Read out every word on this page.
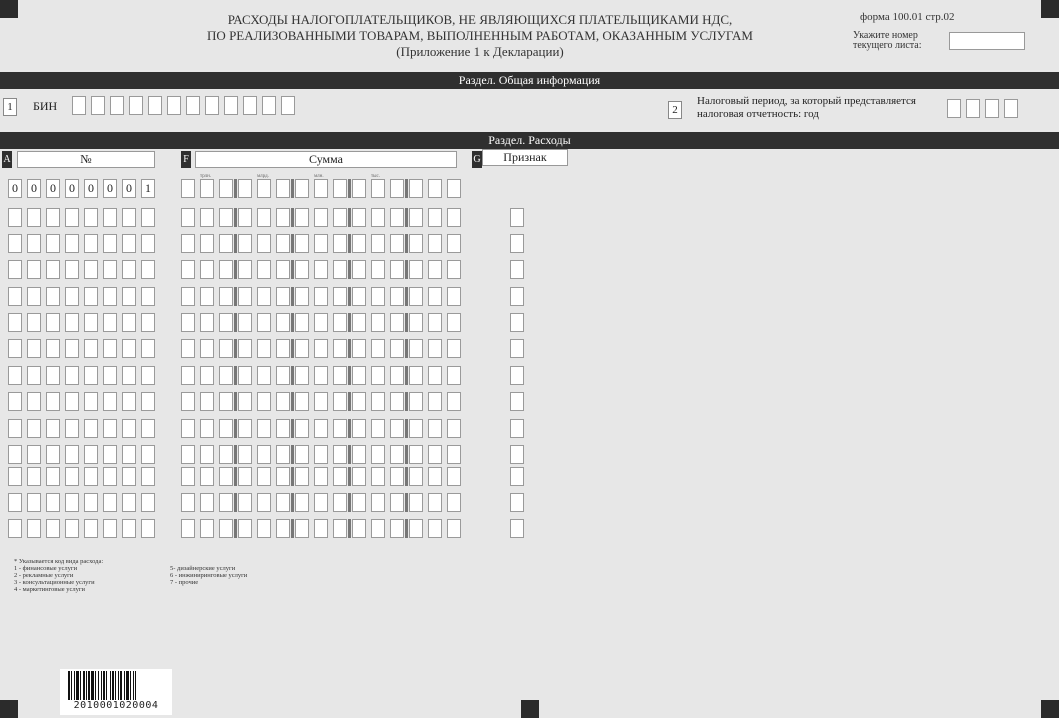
РАСХОДЫ НАЛОГОПЛАТЕЛЬЩИКОВ, НЕ ЯВЛЯЮЩИХСЯ ПЛАТЕЛЬЩИКАМИ НДС,
ПО РЕАЛИЗОВАННЫМИ ТОВАРАМ, ВЫПОЛНЕННЫМ РАБОТАМ, ОКАЗАННЫМ УСЛУГАМ
(Приложение 1 к Декларации)
форма 100.01 стр.02
Укажите номер
текущего листа:
Раздел. Общая информация
1	БИН	2
Налоговый период, за который представляется
налоговая отчетность: год
Раздел. Расходы
A	№	F	Сумма	G	Признак
трлн.	млрд.	млн.	тыс.
0	0	0	0	0	0	0	1
* Указывается код вида расхода:
1 - финансовые услуги
2 - рекламные услуги
3 - консультационные услуги
4 - маркетинговые услуги
5- дизайнерские услуги
6 - инжиниринговые услуги
7 - прочие
2010001020004
